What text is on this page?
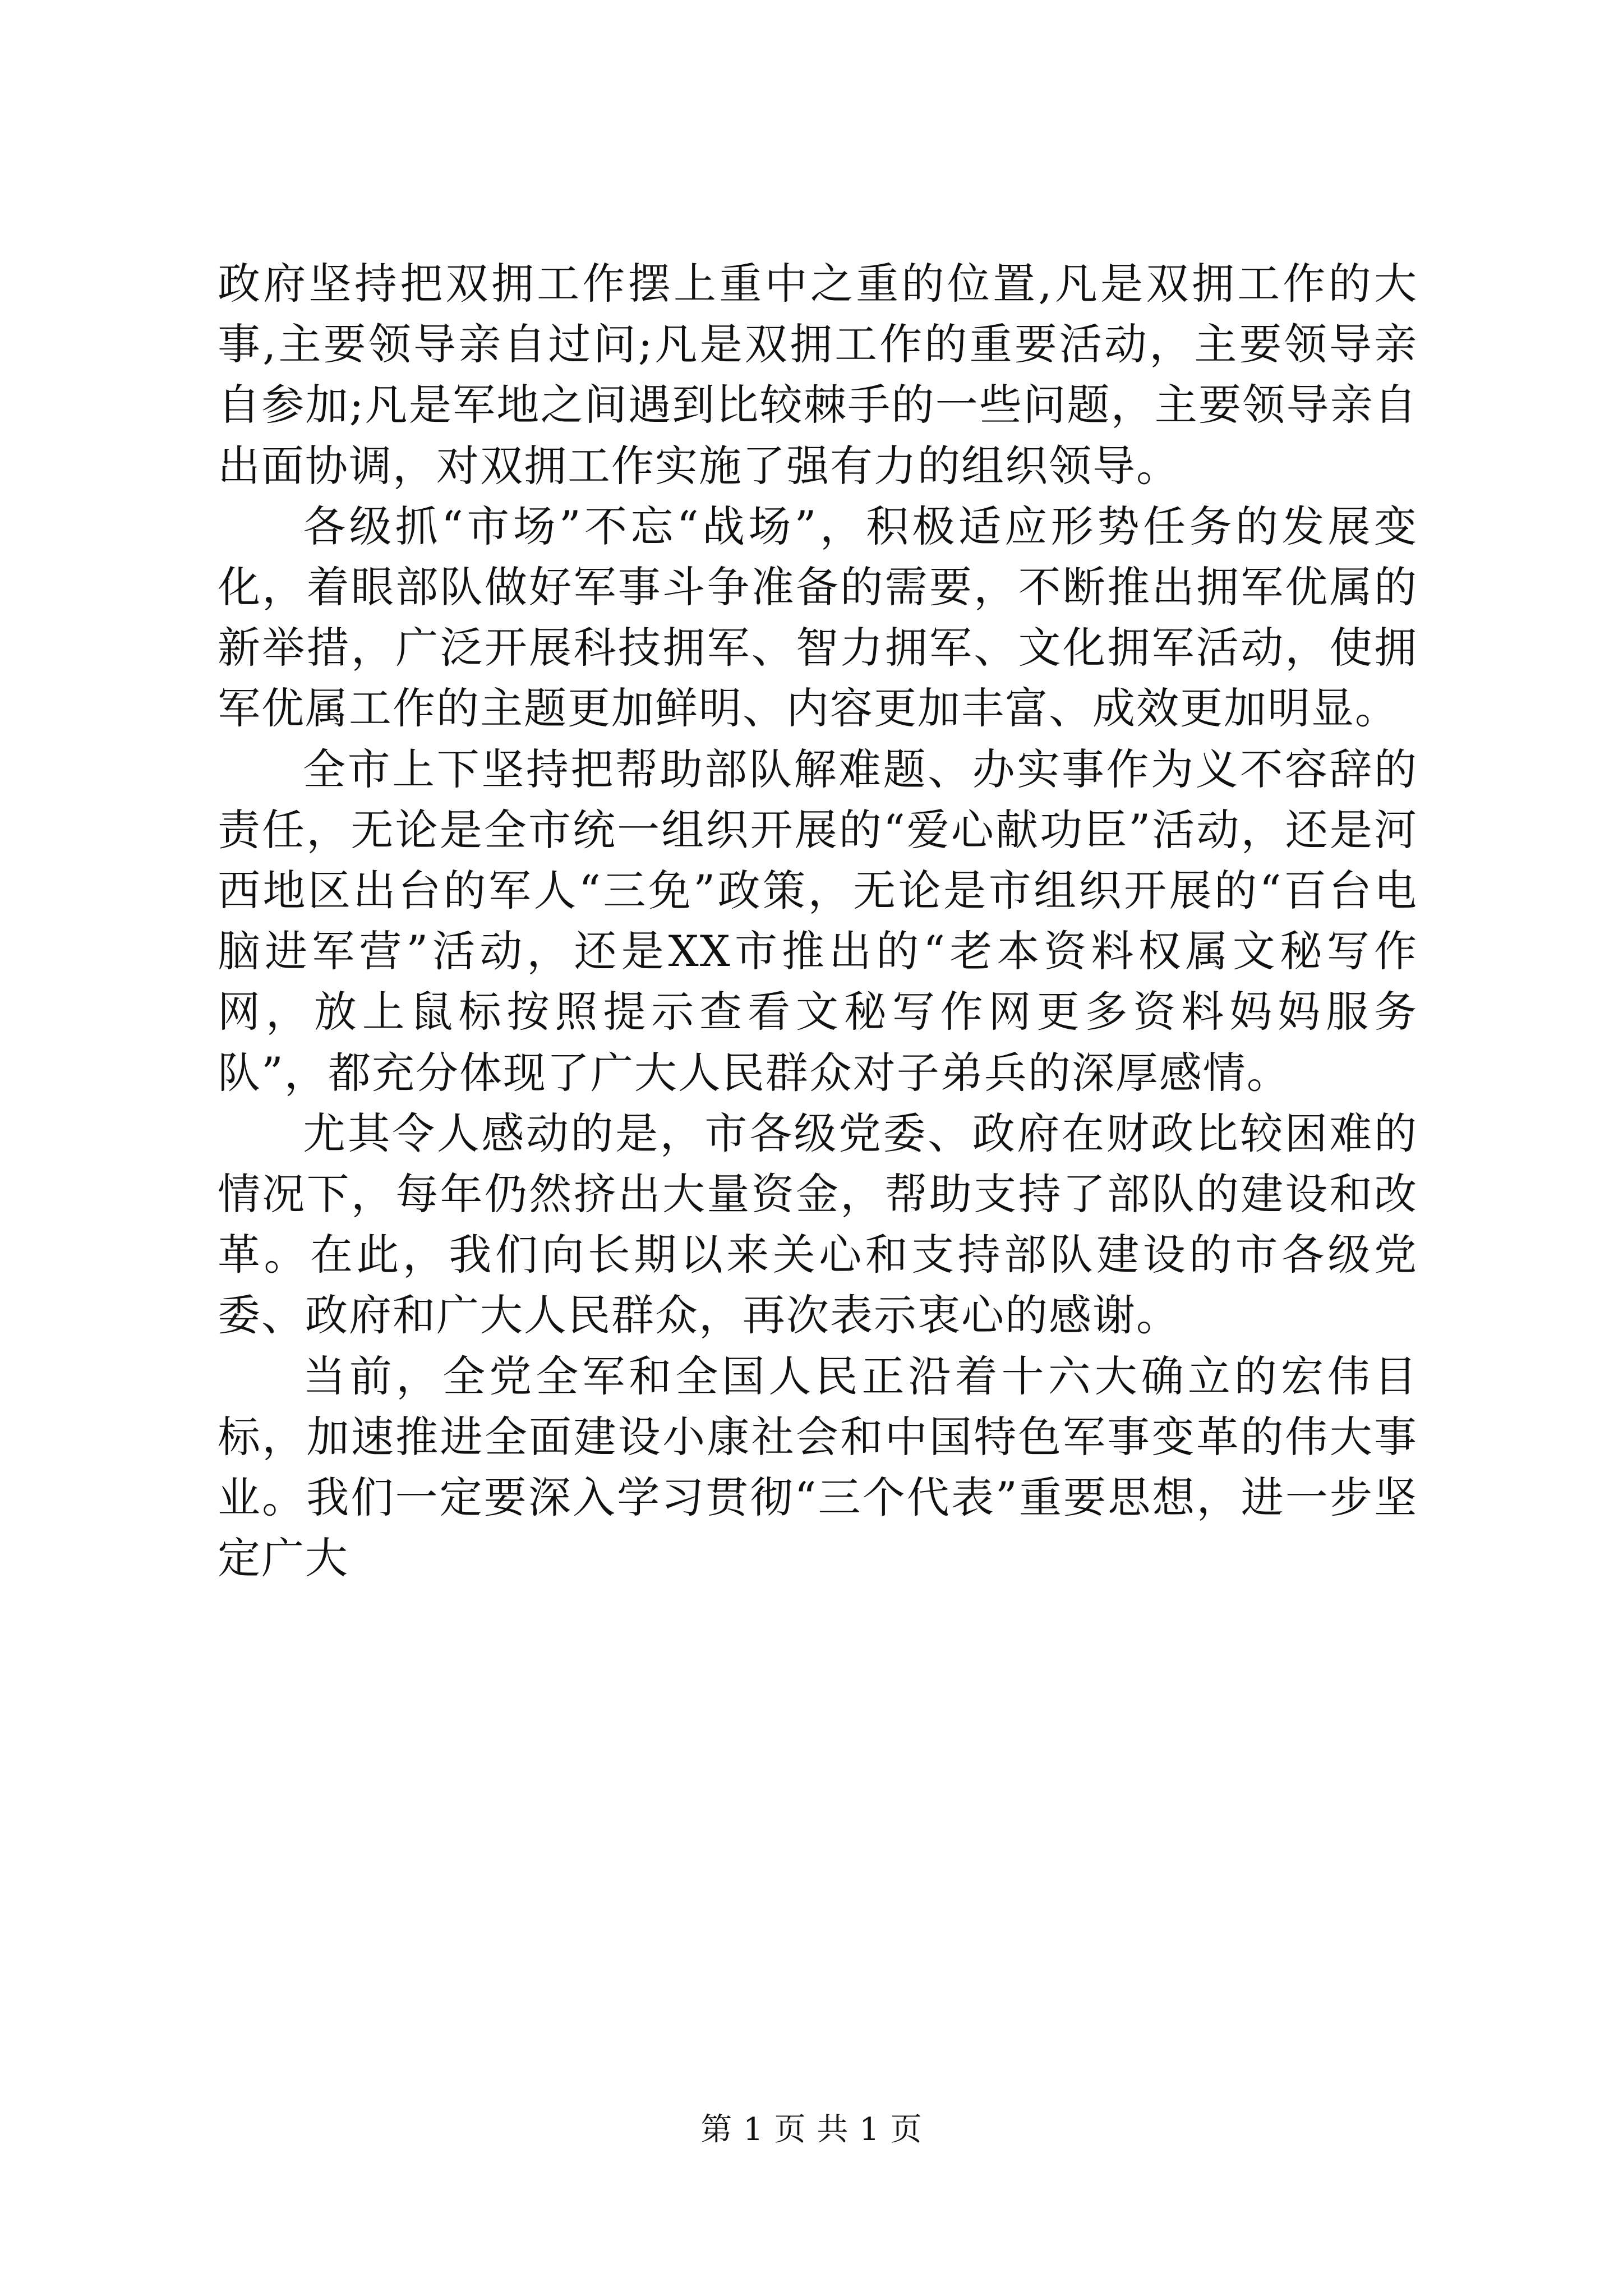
政府坚持把双拥工作摆上重中之重的位置,凡是双拥工作的大事,主要领导亲自过问;凡是双拥工作的重要活动，主要领导亲自参加;凡是军地之间遇到比较棘手的一些问题，主要领导亲自出面协调，对双拥工作实施了强有力的组织领导。

各级抓“市场”不忘“战场”，积极适应形势任务的发展变化，着眼部队做好军事斗争准备的需要，不断推出拥军优属的新举措，广泛开展科技拥军、智力拥军、文化拥军活动，使拥军优属工作的主题更加鲜明、内容更加丰富、成效更加明显。

全市上下坚持把帮助部队解难题、办实事作为义不容辞的责任，无论是全市统一组织开展的“爱心献功臣”活动，还是河西地区出台的军人“三免”政策，无论是市组织开展的“百台电脑进军营”活动，还是XX市推出的“老本资料权属文秘写作网，放上鼠标按照提示查看文秘写作网更多资料妈妈服务队”，都充分体现了广大人民群众对子弟兵的深厚感情。

尤其令人感动的是，市各级党委、政府在财政比较困难的情况下，每年仍然挤出大量资金，帮助支持了部队的建设和改革。在此，我们向长期以来关心和支持部队建设的市各级党委、政府和广大人民群众，再次表示衷心的感谢。

当前，全党全军和全国人民正沿着十六大确立的宏伟目标，加速推进全面建设小康社会和中国特色军事变革的伟大事业。我们一定要深入学习贯彻“三个代表”重要思想，进一步坚定广大

第 1 页 共 1 页
